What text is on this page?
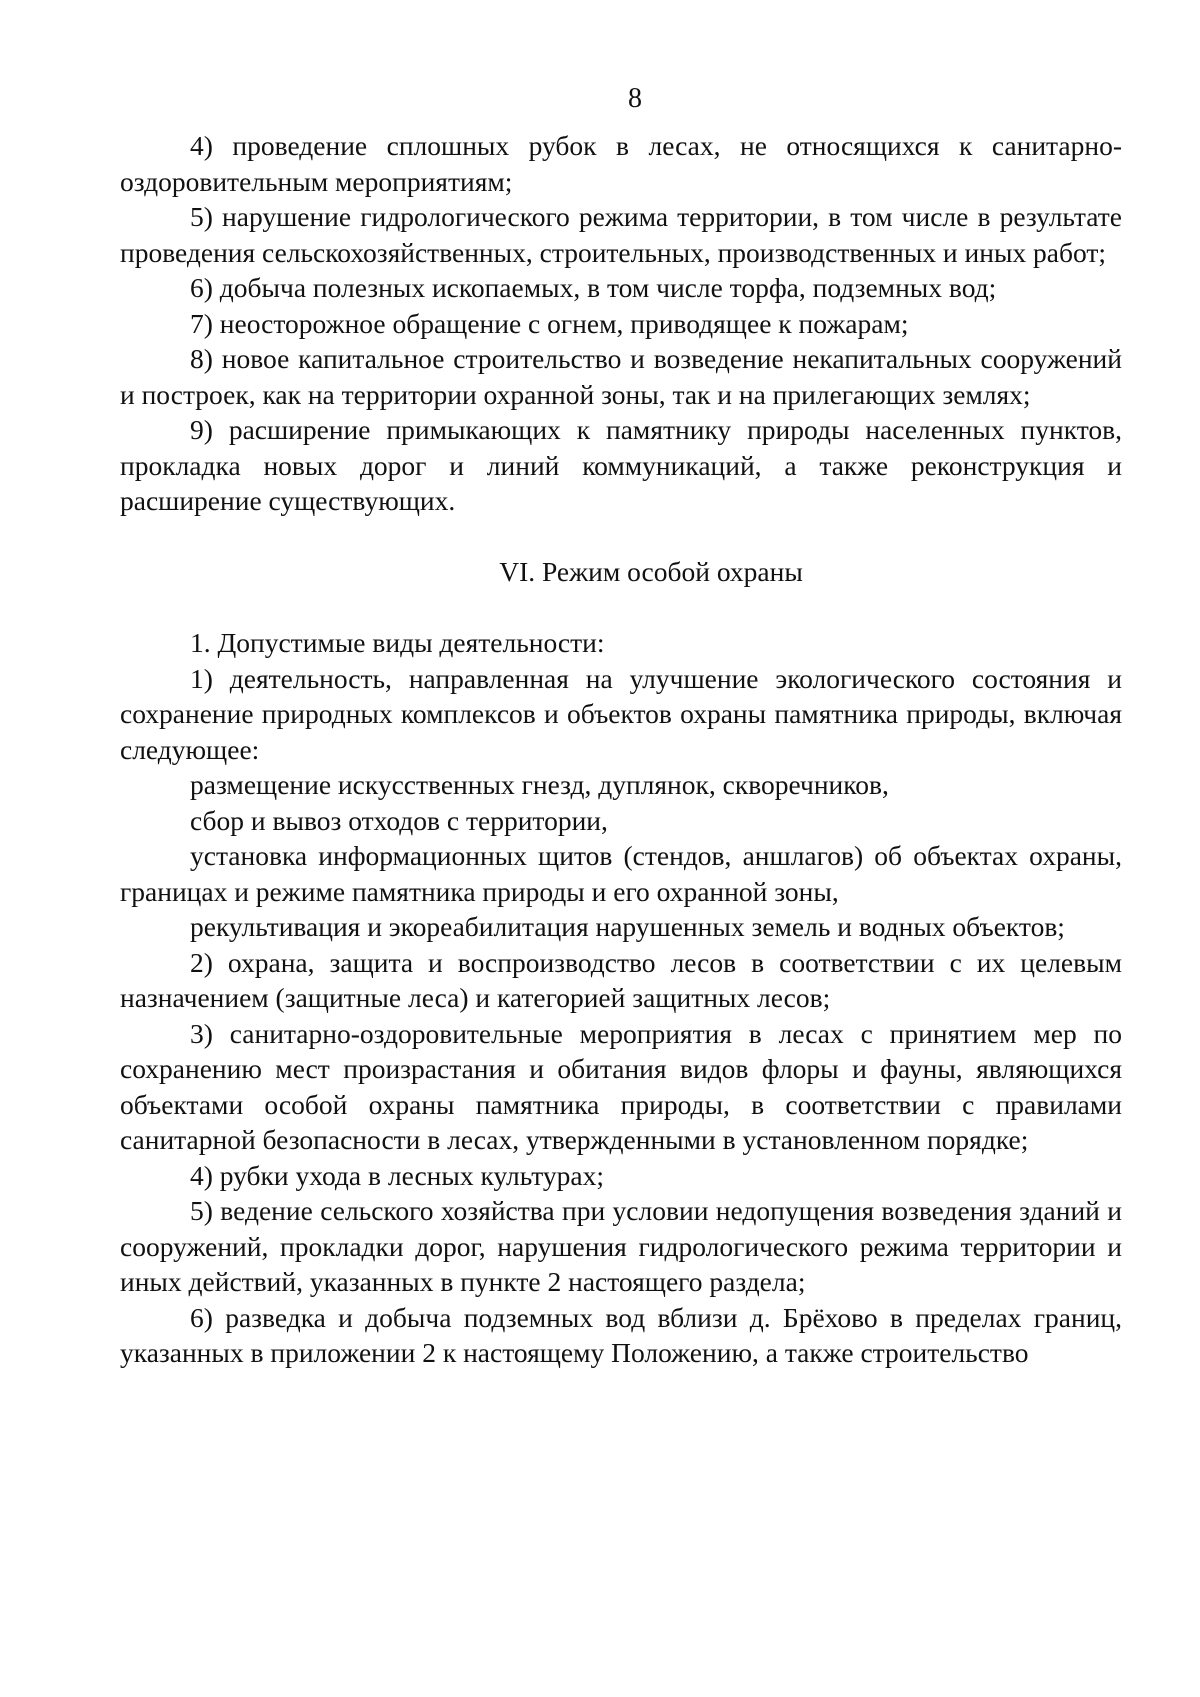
8

4) проведение сплошных рубок в лесах, не относящихся к санитарно-оздоровительным мероприятиям;

5) нарушение гидрологического режима территории, в том числе в результате проведения сельскохозяйственных, строительных, производственных и иных работ;

6) добыча полезных ископаемых, в том числе торфа, подземных вод;

7) неосторожное обращение с огнем, приводящее к пожарам;

8) новое капитальное строительство и возведение некапитальных сооружений и построек, как на территории охранной зоны, так и на прилегающих землях;

9) расширение примыкающих к памятнику природы населенных пунктов, прокладка новых дорог и линий коммуникаций, а также реконструкция и расширение существующих.

VI. Режим особой охраны

1. Допустимые виды деятельности:

1) деятельность, направленная на улучшение экологического состояния и сохранение природных комплексов и объектов охраны памятника природы, включая следующее:

размещение искусственных гнезд, дуплянок, скворечников,

сбор и вывоз отходов с территории,

установка информационных щитов (стендов, аншлагов) об объектах охраны, границах и режиме памятника природы и его охранной зоны,

рекультивация и экореабилитация нарушенных земель и водных объектов;

2) охрана, защита и воспроизводство лесов в соответствии с их целевым назначением (защитные леса) и категорией защитных лесов;

3) санитарно-оздоровительные мероприятия в лесах с принятием мер по сохранению мест произрастания и обитания видов флоры и фауны, являющихся объектами особой охраны памятника природы, в соответствии с правилами санитарной безопасности в лесах, утвержденными в установленном порядке;

4) рубки ухода в лесных культурах;

5) ведение сельского хозяйства при условии недопущения возведения зданий и сооружений, прокладки дорог, нарушения гидрологического режима территории и иных действий, указанных в пункте 2 настоящего раздела;

6) разведка и добыча подземных вод вблизи д. Брёхово в пределах границ, указанных в приложении 2 к настоящему Положению, а также строительство
